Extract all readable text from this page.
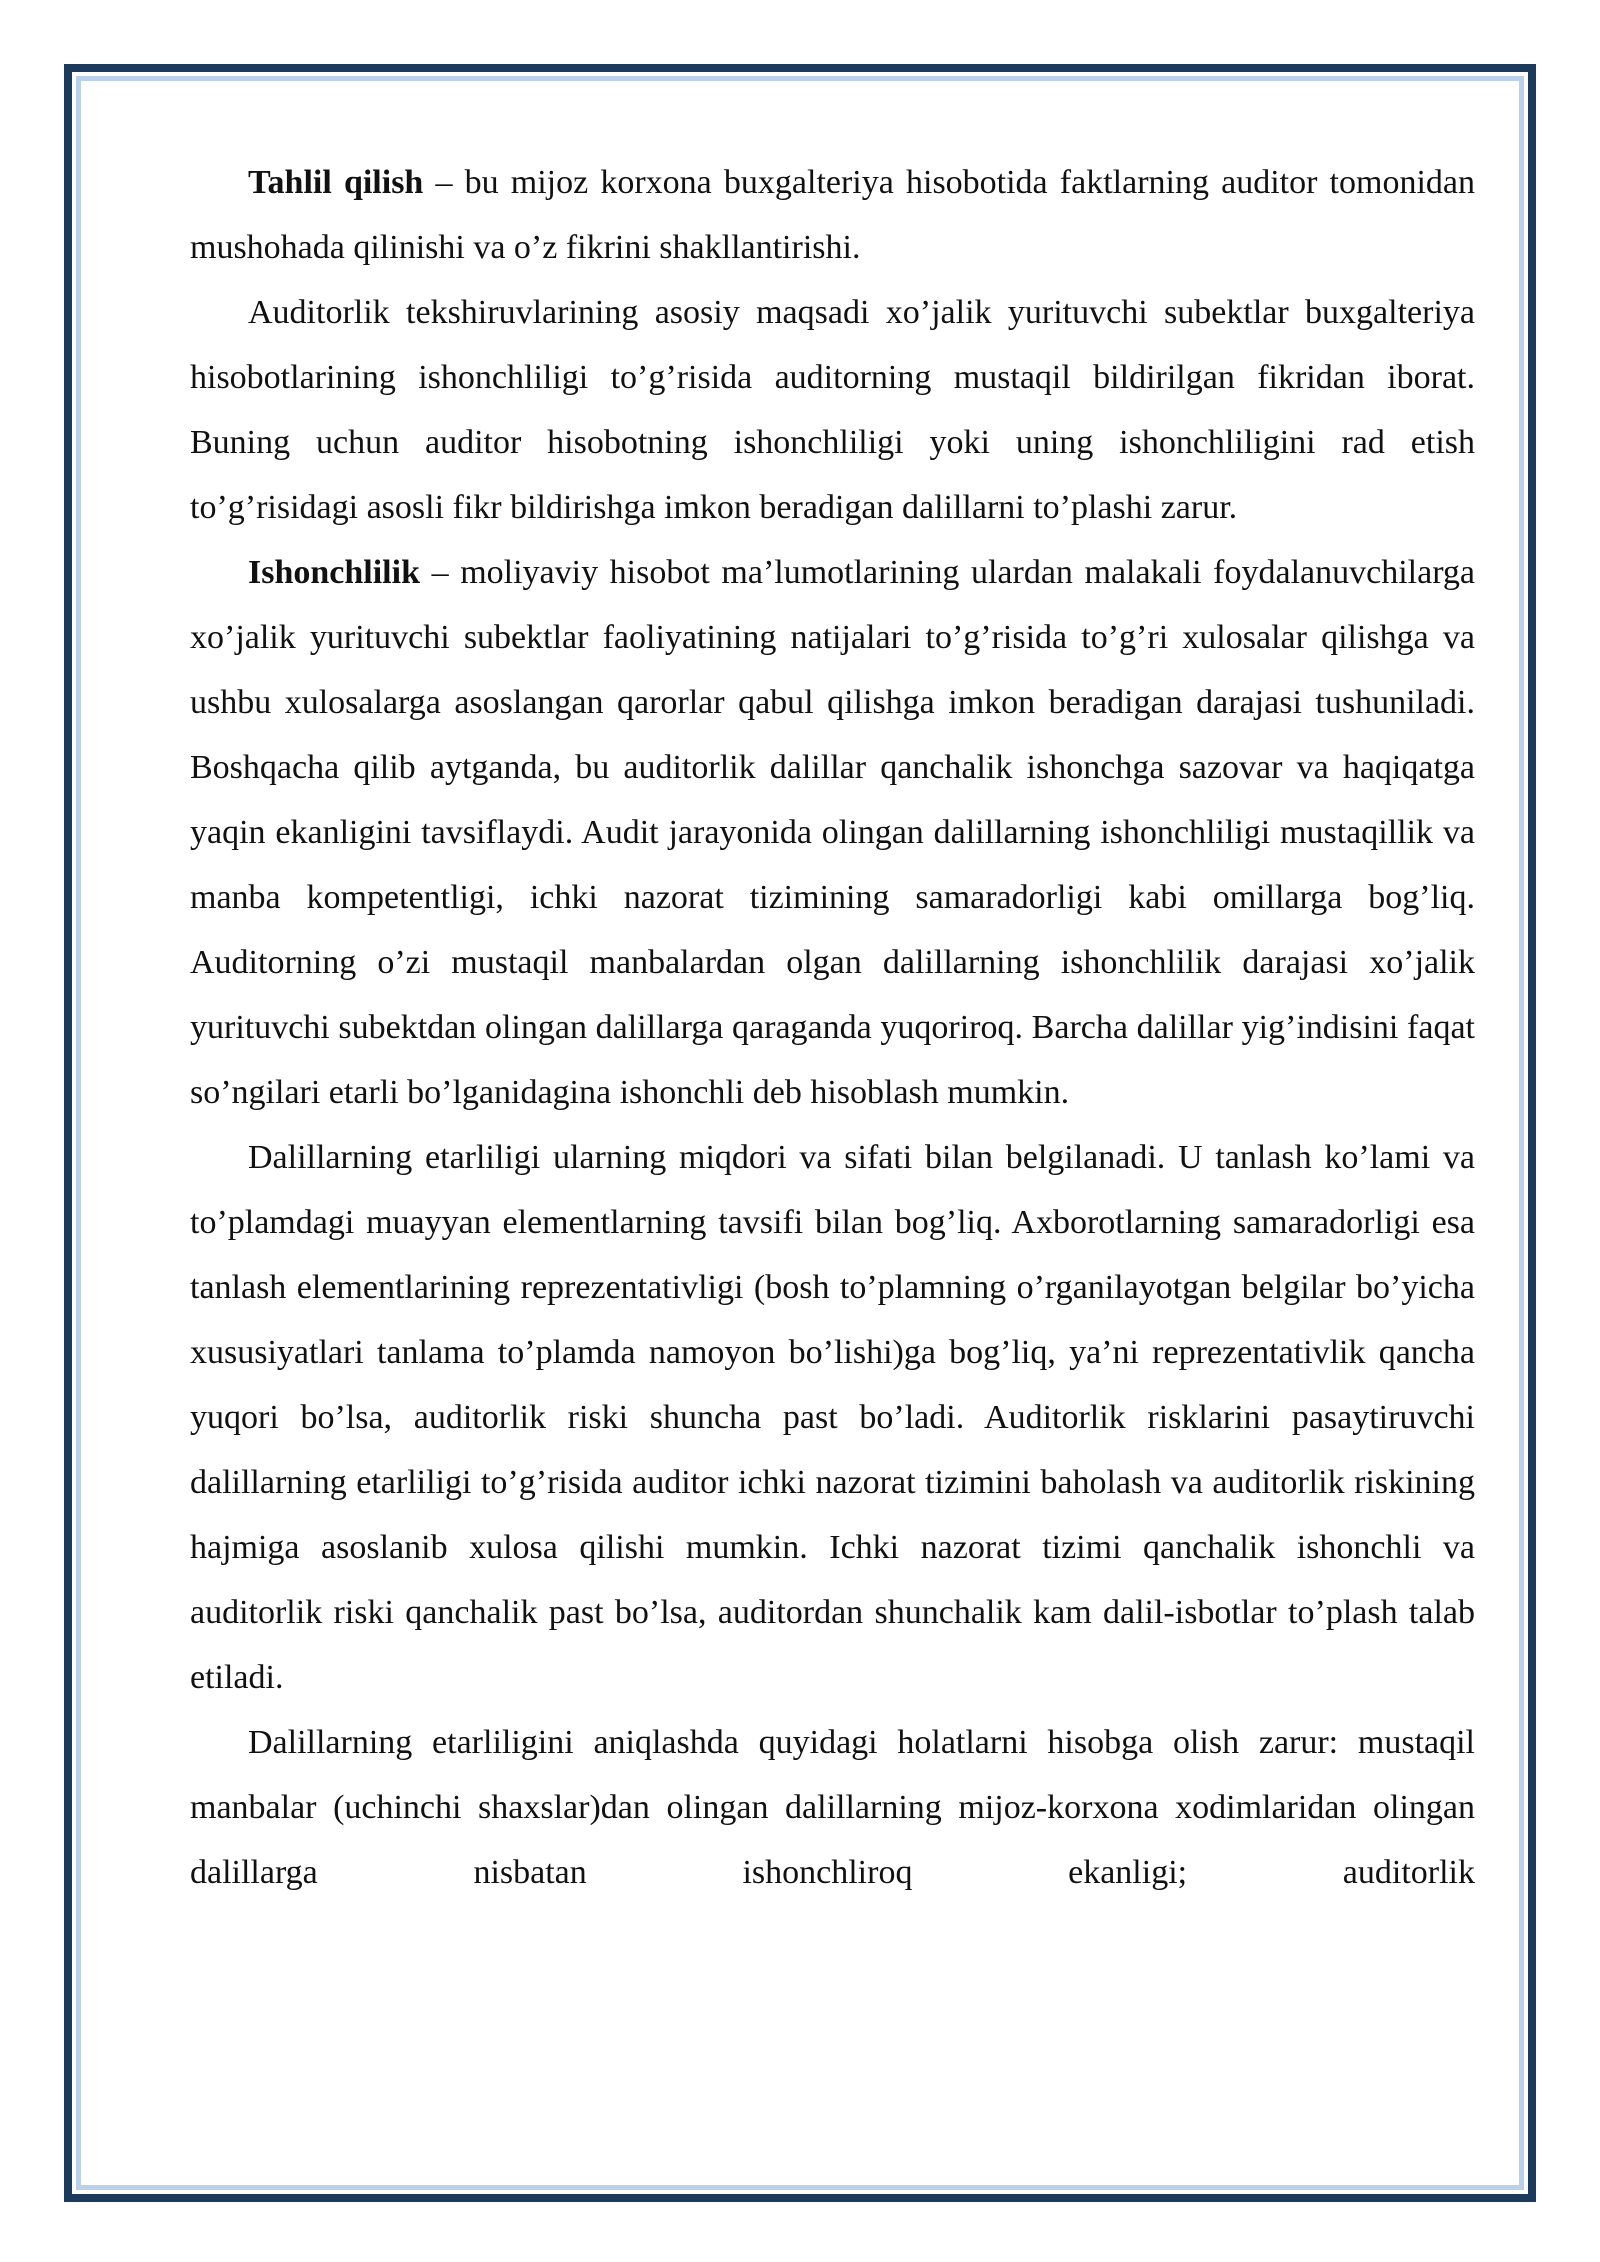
Tahlil qilish – bu mijoz korxona buxgalteriya hisobotida faktlarning auditor tomonidan mushohada qilinishi va o’z fikrini shakllantirishi.

Auditorlik tekshiruvlarining asosiy maqsadi xo’jalik yurituvchi subektlar buxgalteriya hisobotlarining ishonchliligi to’g’risida auditorning mustaqil bildirilgan fikridan iborat. Buning uchun auditor hisobotning ishonchliligi yoki uning ishonchliligini rad etish to’g’risidagi asosli fikr bildirishga imkon beradigan dalillarni to’plashi zarur.

Ishonchlilik – moliyaviy hisobot ma’lumotlarining ulardan malakali foydalanuvchilarga xo’jalik yurituvchi subektlar faoliyatining natijalari to’g’risida to’g’ri xulosalar qilishga va ushbu xulosalarga asoslangan qarorlar qabul qilishga imkon beradigan darajasi tushuniladi. Boshqacha qilib aytganda, bu auditorlik dalillar qanchalik ishonchga sazovar va haqiqatga yaqin ekanligini tavsiflaydi. Audit jarayonida olingan dalillarning ishonchliligi mustaqillik va manba kompetentligi, ichki nazorat tizimining samaradorligi kabi omillarga bog’liq. Auditorning o’zi mustaqil manbalardan olgan dalillarning ishonchlilik darajasi xo’jalik yurituvchi subektdan olingan dalillarga qaraganda yuqoriroq. Barcha dalillar yig’indisini faqat so’ngilari etarli bo’lganidagina ishonchli deb hisoblash mumkin.

Dalillarning etarliligi ularning miqdori va sifati bilan belgilanadi. U tanlash ko’lami va to’plamdagi muayyan elementlarning tavsifi bilan bog’liq. Axborotlarning samaradorligi esa tanlash elementlarining reprezentativligi (bosh to’plamning o’rganilayotgan belgilar bo’yicha xususiyatlari tanlama to’plamda namoyon bo’lishi)ga bog’liq, ya’ni reprezentativlik qancha yuqori bo’lsa, auditorlik riski shuncha past bo’ladi. Auditorlik risklarini pasaytiruvchi dalillarning etarliligi to’g’risida auditor ichki nazorat tizimini baholash va auditorlik riskining hajmiga asoslanib xulosa qilishi mumkin. Ichki nazorat tizimi qanchalik ishonchli va auditorlik riski qanchalik past bo’lsa, auditordan shunchalik kam dalil-isbotlar to’plash talab etiladi.

Dalillarning etarliligini aniqlashda quyidagi holatlarni hisobga olish zarur: mustaqil manbalar (uchinchi shaxslar)dan olingan dalillarning mijoz-korxona xodimlaridan olingan dalillarga nisbatan ishonchliroq ekanligi; auditorlik
